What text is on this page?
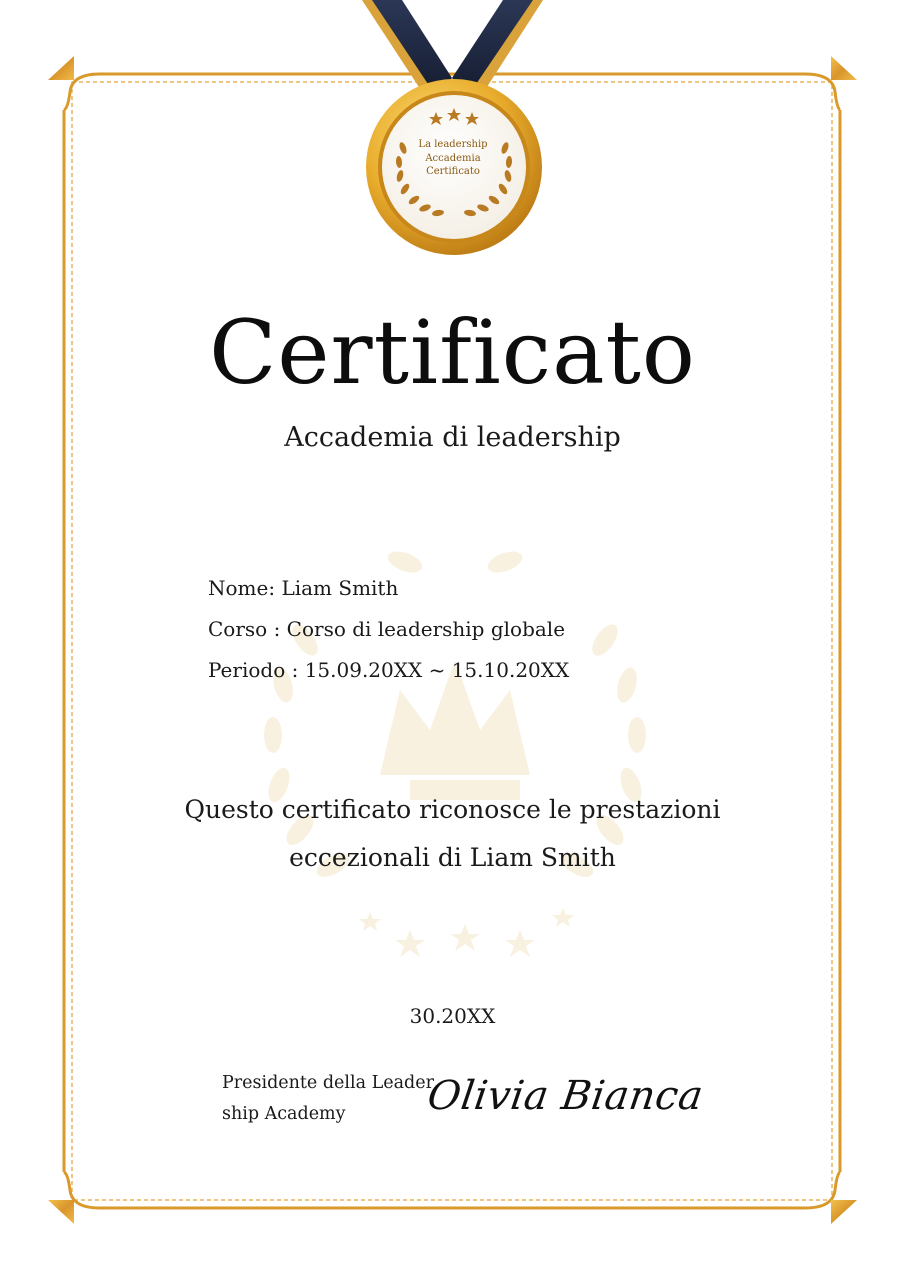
La leadership
Accademia
Certificato
Certificato
Accademia di leadership
Nome: Liam Smith
Corso : Corso di leadership globale
Periodo : 15.09.20XX ~ 15.10.20XX
Questo certificato riconosce le prestazioni
eccezionali di Liam Smith
30.20XX
Presidente della Leadership Academy	Olivia Bianca
